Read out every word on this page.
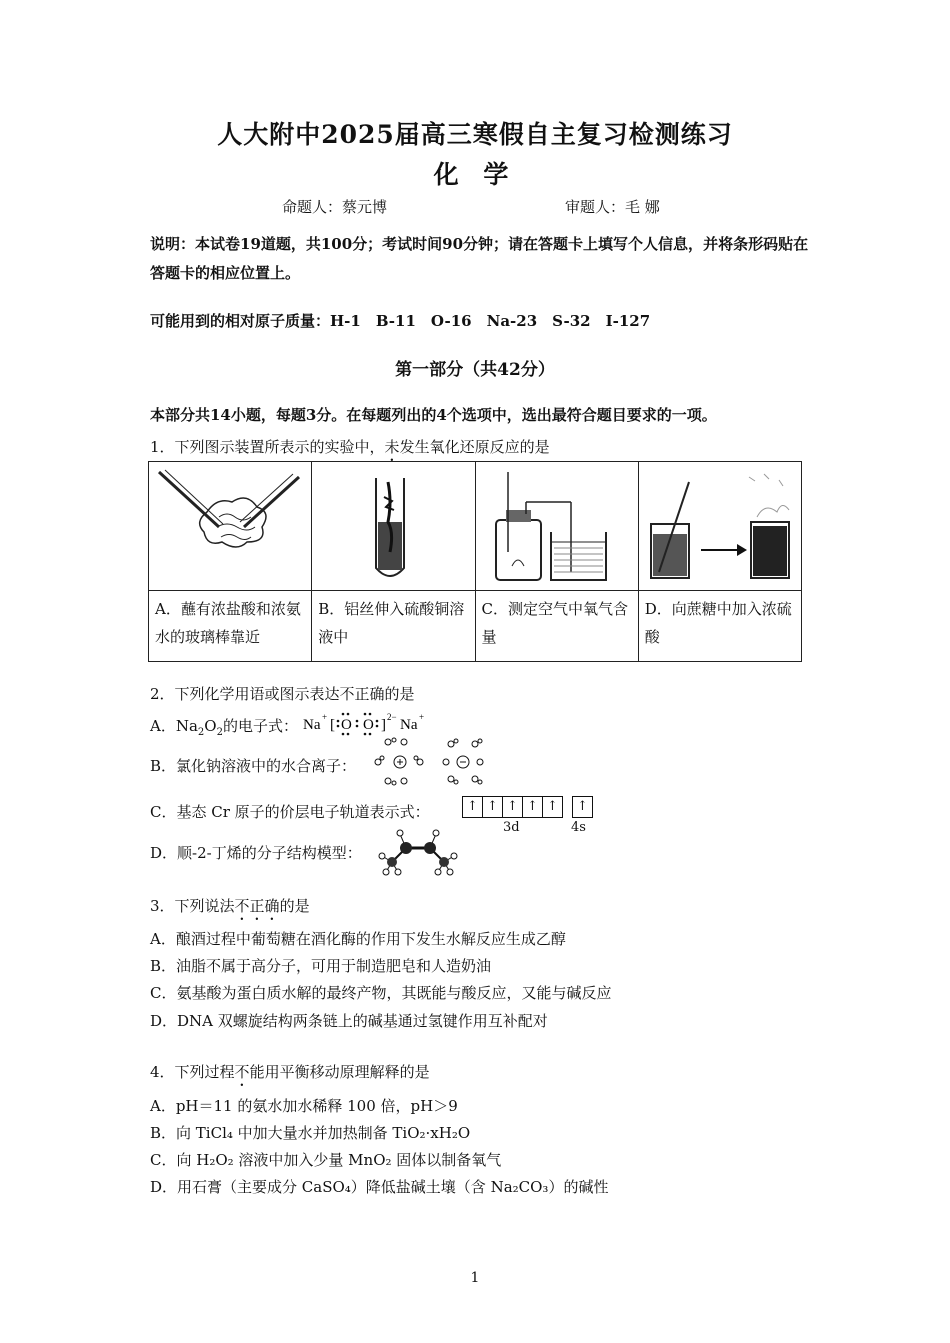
人大附中2025届高三寒假自主复习检测练习
化 学
命题人：蔡元博	审题人：毛 娜
说明：本试卷19道题，共100分；考试时间90分钟；请在答题卡上填写个人信息，并将条形码贴在答题卡的相应位置上。
可能用到的相对原子质量：H-1　B-11　O-16　Na-23　S-32　I-127
第一部分（共42分）
本部分共14小题，每题3分。在每题列出的4个选项中，选出最符合题目要求的一项。
1．下列图示装置所表示的实验中，未发生氧化还原反应的是

A．蘸有浓盐酸和浓氨水的玻璃棒靠近	B．铝丝伸入硫酸铜溶液中	C．测定空气中氧气含量	D．向蔗糖中加入浓硫酸
2．下列化学用语或图示表达不正确的是
A．$Na_2O_2$的电子式： Na + [ O O ] 2− Na +
B．氯化钠溶液中的水合离子：
C．基态 Cr 原子的价层电子轨道表示式：	↑ ↑ ↑ ↑ ↑	↑
3d	4s
D．顺-2-丁烯的分子结构模型：
3．下列说法不正确的是
A．酿酒过程中葡萄糖在酒化酶的作用下发生水解反应生成乙醇
B．油脂不属于高分子，可用于制造肥皂和人造奶油
C．氨基酸为蛋白质水解的最终产物，其既能与酸反应，又能与碱反应
D．DNA 双螺旋结构两条链上的碱基通过氢键作用互补配对
4．下列过程不能用平衡移动原理解释的是
A．pH＝11 的氨水加水稀释 100 倍，pH＞9
B．向 TiCl₄ 中加大量水并加热制备 TiO₂·xH₂O
C．向 H₂O₂ 溶液中加入少量 MnO₂ 固体以制备氧气
D．用石膏（主要成分 CaSO₄）降低盐碱土壤（含 Na₂CO₃）的碱性
1
